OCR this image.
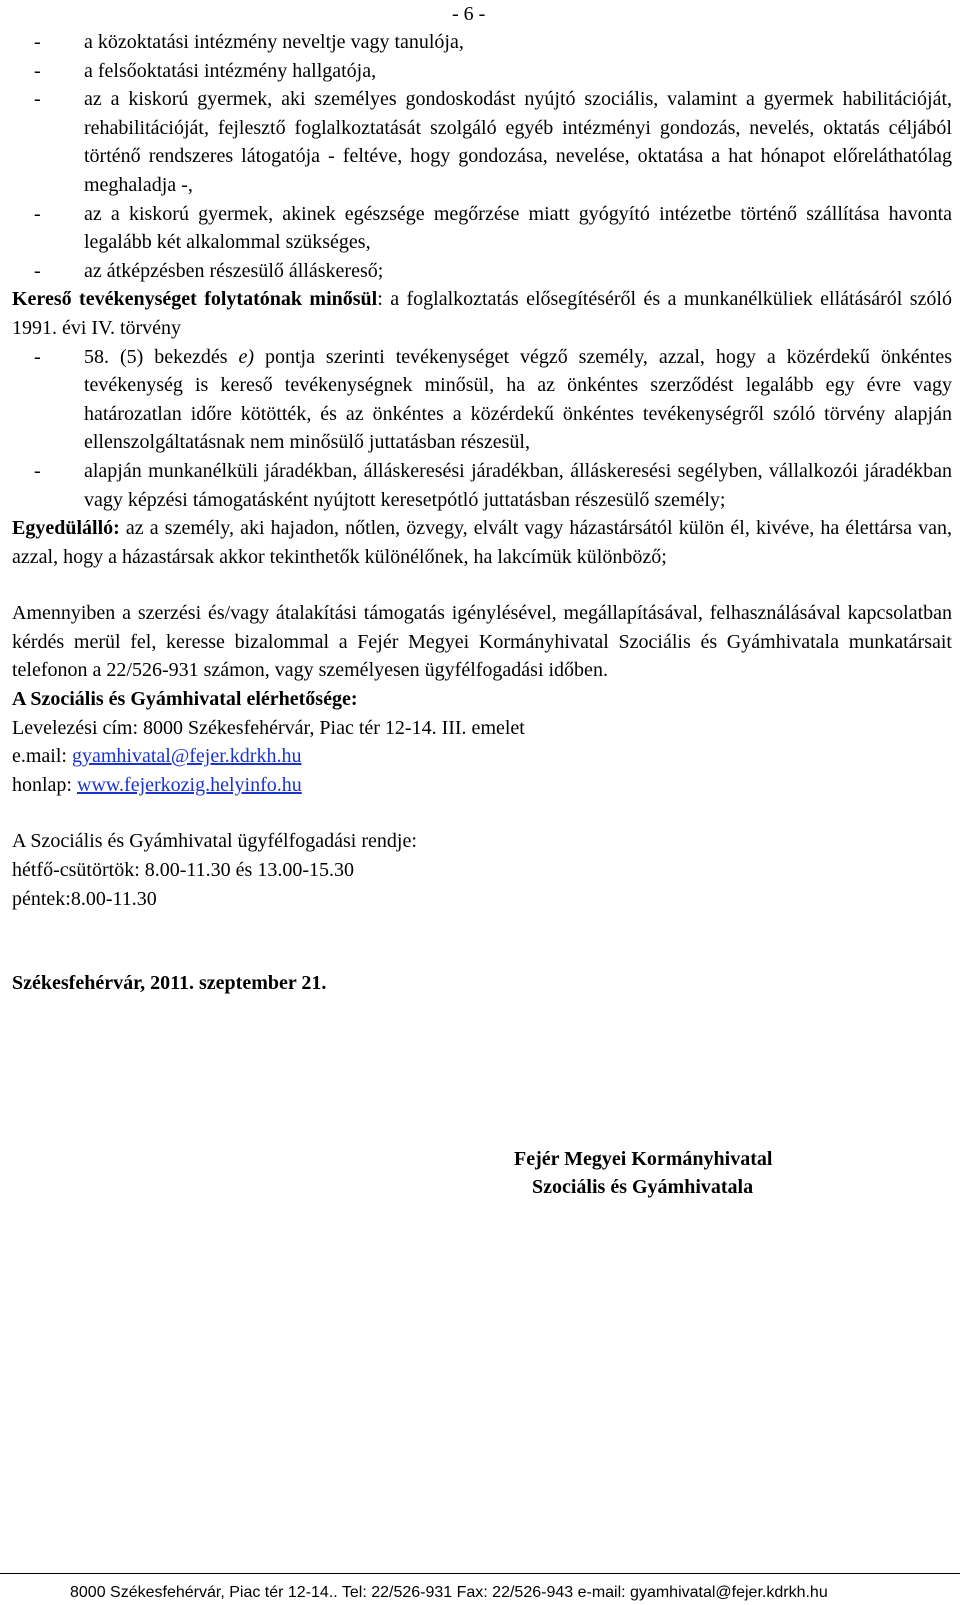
- 6 -
- a közoktatási intézmény neveltje vagy tanulója,
- a felsőoktatási intézmény hallgatója,
- az a kiskorú gyermek, aki személyes gondoskodást nyújtó szociális, valamint a gyermek habilitációját, rehabilitációját, fejlesztő foglalkoztatását szolgáló egyéb intézményi gondozás, nevelés, oktatás céljából történő rendszeres látogatója - feltéve, hogy gondozása, nevelése, oktatása a hat hónapot előreláthatólag meghaladja -,
- az a kiskorú gyermek, akinek egészsége megőrzése miatt gyógyító intézetbe történő szállítása havonta legalább két alkalommal szükséges,
- az átképzésben részesülő álláskereső;
Kereső tevékenységet folytatónak minősül: a foglalkoztatás elősegítéséről és a munkanélküliek ellátásáról szóló 1991. évi IV. törvény
- 58. (5) bekezdés e) pontja szerinti tevékenységet végző személy, azzal, hogy a közérdekű önkéntes tevékenység is kereső tevékenységnek minősül, ha az önkéntes szerződést legalább egy évre vagy határozatlan időre kötötték, és az önkéntes a közérdekű önkéntes tevékenységről szóló törvény alapján ellenszolgáltatásnak nem minősülő juttatásban részesül,
- alapján munkanélküli járadékban, álláskeresési járadékban, álláskeresési segélyben, vállalkozói járadékban vagy képzési támogatásként nyújtott keresetpótló juttatásban részesülő személy;
Egyedülálló: az a személy, aki hajadon, nőtlen, özvegy, elvált vagy házastársától külön él, kivéve, ha élettársa van, azzal, hogy a házastársak akkor tekinthetők különélőnek, ha lakcímük különböző;
Amennyiben a szerzési és/vagy átalakítási támogatás igénylésével, megállapításával, felhasználásával kapcsolatban kérdés merül fel, keresse bizalommal a Fejér Megyei Kormányhivatal Szociális és Gyámhivatala munkatársait telefonon a 22/526-931 számon, vagy személyesen ügyfélfogadási időben.
A Szociális és Gyámhivatal elérhetősége:
Levelezési cím: 8000 Székesfehérvár, Piac tér 12-14. III. emelet
e.mail: gyamhivatal@fejer.kdrkh.hu
honlap: www.fejerkozig.helyinfo.hu
A Szociális és Gyámhivatal ügyfélfogadási rendje:
hétfő-csütörtök: 8.00-11.30 és 13.00-15.30
péntek:8.00-11.30
Székesfehérvár, 2011. szeptember 21.
Fejér Megyei Kormányhivatal
Szociális és Gyámhivatala
8000 Székesfehérvár, Piac tér 12-14.. Tel: 22/526-931 Fax: 22/526-943 e-mail: gyamhivatal@fejer.kdrkh.hu
